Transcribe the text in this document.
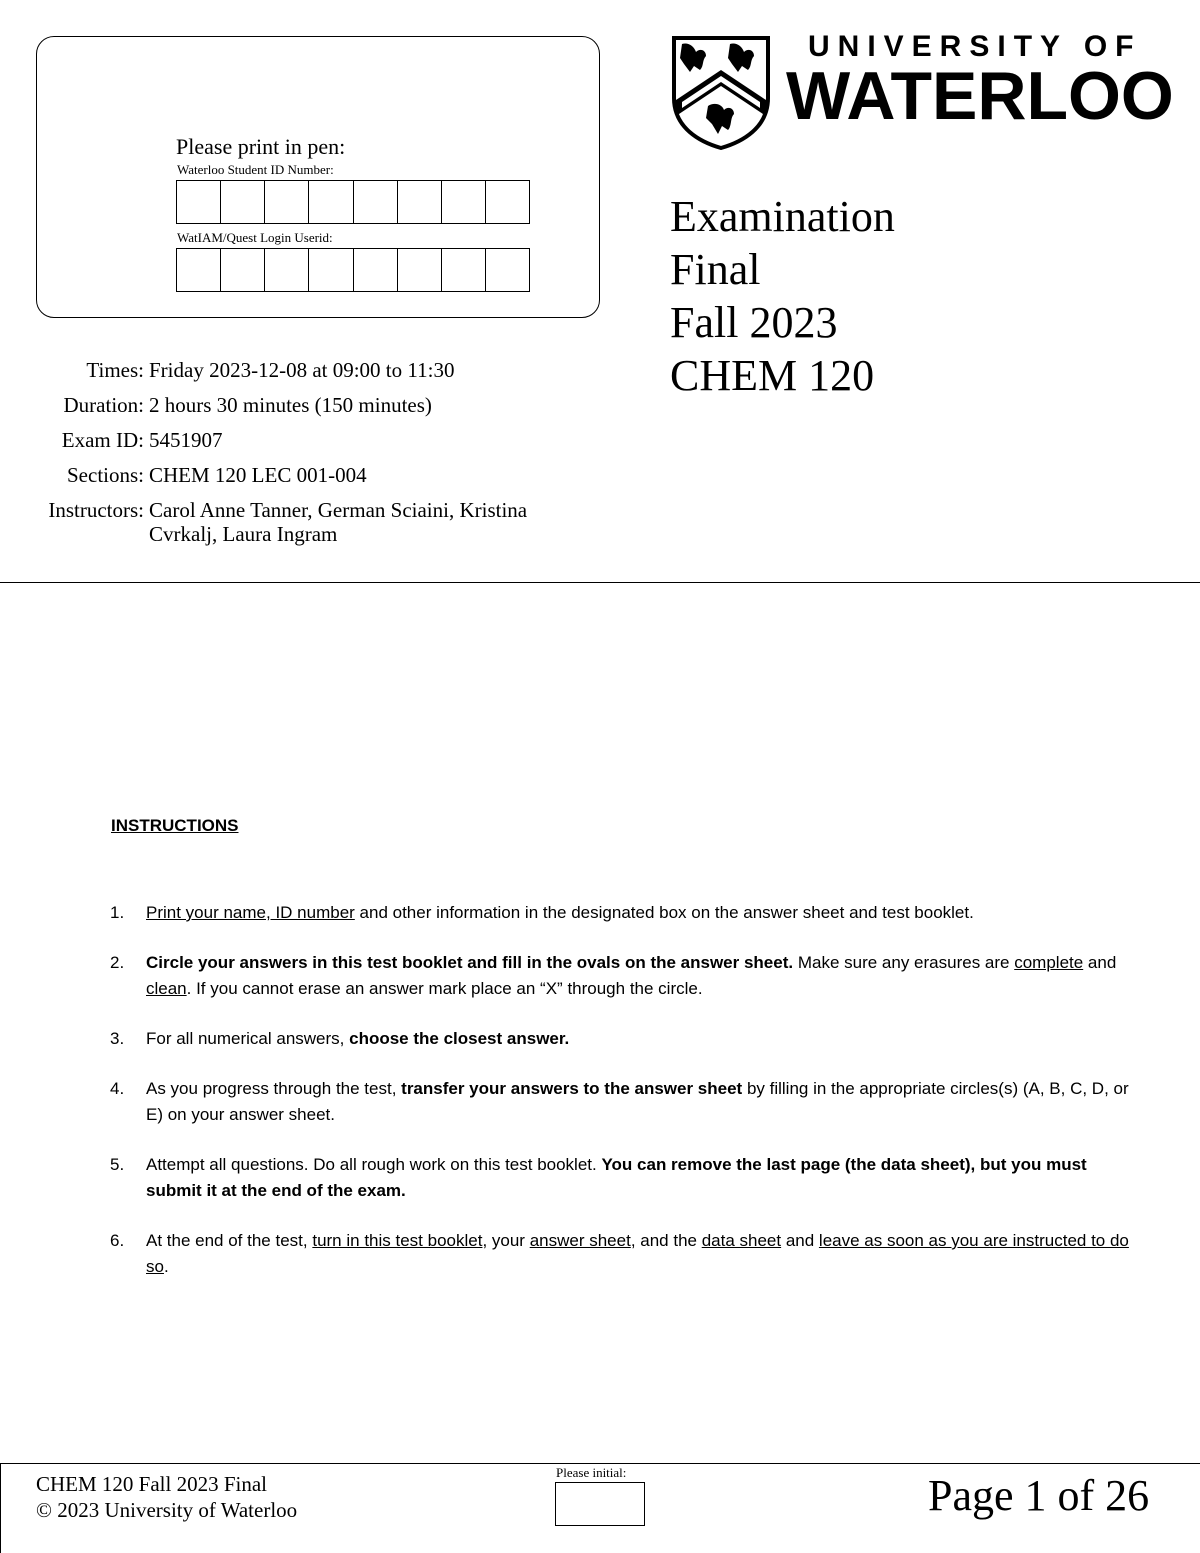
Please print in pen:
Waterloo Student ID Number:
WatIAM/Quest Login Userid:
UNIVERSITY OF
WATERLOO
Examination
Final
Fall 2023
CHEM 120
Times: Friday 2023-12-08 at 09:00 to 11:30
Duration: 2 hours 30 minutes (150 minutes)
Exam ID: 5451907
Sections: CHEM 120 LEC 001-004
Instructors: Carol Anne Tanner, German Sciaini, Kristina Cvrkalj, Laura Ingram
INSTRUCTIONS
1. Print your name, ID number and other information in the designated box on the answer sheet and test booklet.
2. Circle your answers in this test booklet and fill in the ovals on the answer sheet. Make sure any erasures are complete and clean. If you cannot erase an answer mark place an “X” through the circle.
3. For all numerical answers, choose the closest answer.
4. As you progress through the test, transfer your answers to the answer sheet by filling in the appropriate circles(s) (A, B, C, D, or E) on your answer sheet.
5. Attempt all questions. Do all rough work on this test booklet. You can remove the last page (the data sheet), but you must submit it at the end of the exam.
6. At the end of the test, turn in this test booklet, your answer sheet, and the data sheet and leave as soon as you are instructed to do so.
CHEM 120 Fall 2023 Final
© 2023 University of Waterloo
Please initial:	Page 1 of 26
